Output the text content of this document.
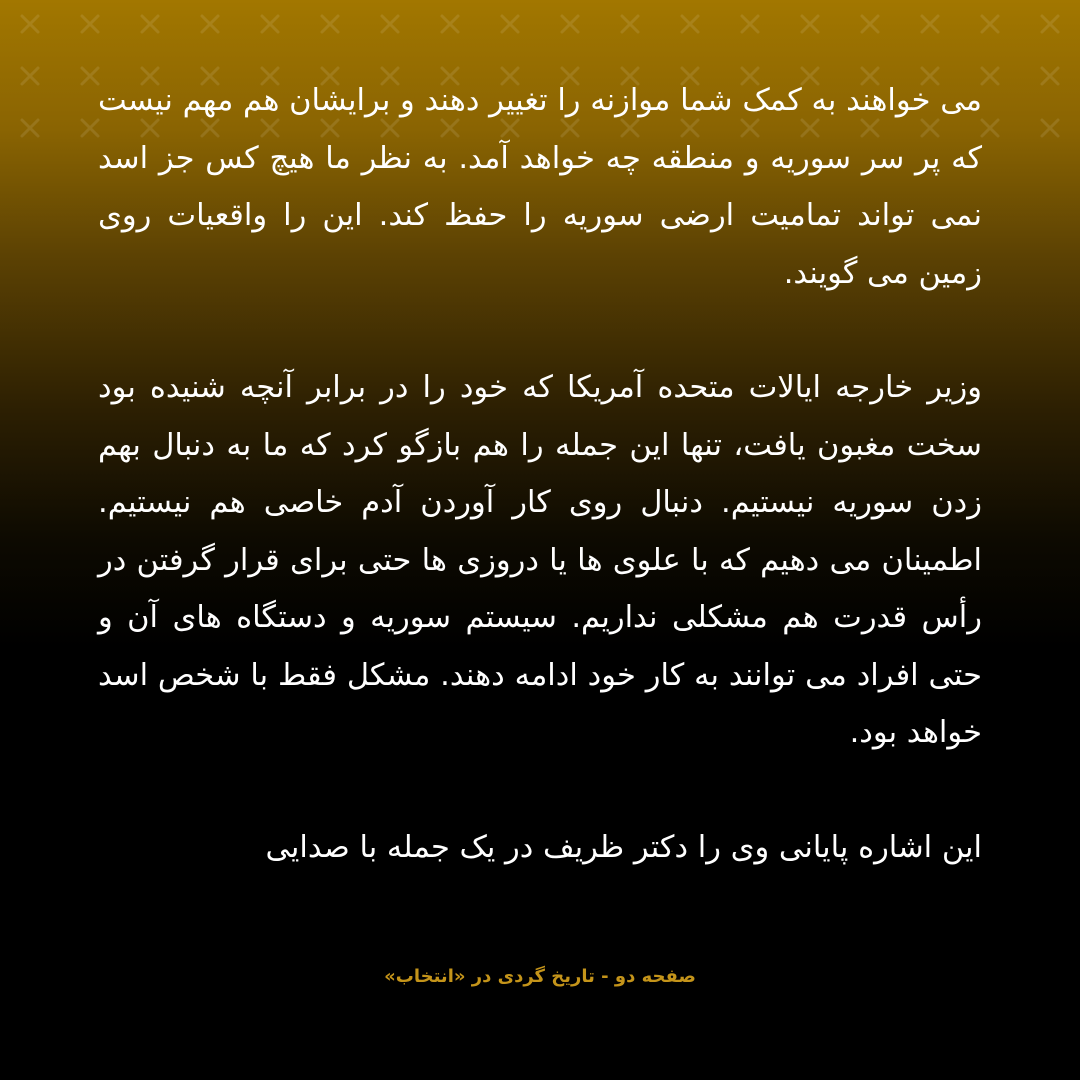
می خواهند به کمک شما موازنه را تغییر دهند و برایشان هم مهم نیست که پر سر سوریه و منطقه چه خواهد آمد. به نظر ما هیچ کس جز اسد نمی تواند تمامیت ارضی سوریه را حفظ کند. این را واقعیات روی زمین می گویند.

وزیر خارجه ایالات متحده آمریکا که خود را در برابر آنچه شنیده بود سخت مغبون یافت، تنها این جمله را هم بازگو کرد که ما به دنبال بهم زدن سوریه نیستیم. دنبال روی کار آوردن آدم خاصی هم نیستیم. اطمینان می دهیم که با علوی ها یا دروزی ها حتی برای قرار گرفتن در رأس قدرت هم مشکلی نداریم. سیستم سوریه و دستگاه های آن و حتی افراد می توانند به کار خود ادامه دهند. مشکل فقط با شخص اسد خواهد بود.

این اشاره پایانی وی را دکتر ظریف در یک جمله با صدایی

صفحه دو - تاریخ گردی در «انتخاب»
